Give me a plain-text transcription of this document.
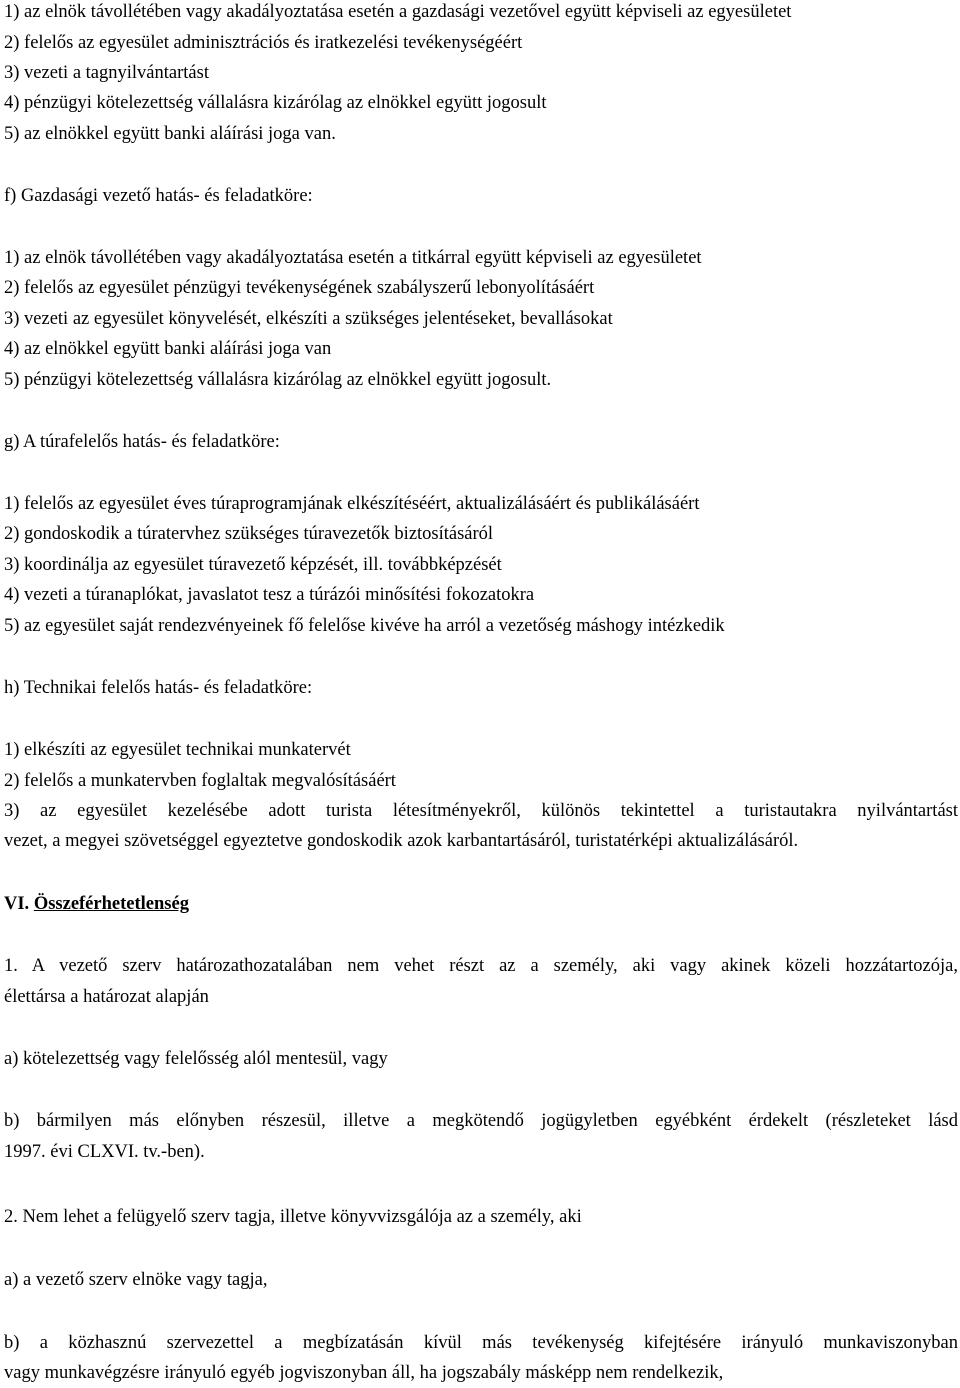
1) az elnök távollétében vagy akadályoztatása esetén a gazdasági vezetővel együtt képviseli az egyesületet
2) felelős az egyesület adminisztrációs és iratkezelési tevékenységéért
3) vezeti a tagnyilvántartást
4) pénzügyi kötelezettség vállalásra kizárólag az elnökkel együtt jogosult
5) az elnökkel együtt banki aláírási joga van.
f) Gazdasági vezető hatás- és feladatköre:
1) az elnök távollétében vagy akadályoztatása esetén a titkárral együtt képviseli az egyesületet
2) felelős az egyesület pénzügyi tevékenységének szabályszerű lebonyolításáért
3) vezeti az egyesület könyvelését, elkészíti a szükséges jelentéseket, bevallásokat
4) az elnökkel együtt banki aláírási joga van
5) pénzügyi kötelezettség vállalásra kizárólag az elnökkel együtt jogosult.
g) A túrafelelős hatás- és feladatköre:
1) felelős az egyesület éves túraprogramjának elkészítéséért, aktualizálásáért és publikálásáért
2) gondoskodik a túratervhez szükséges túravezetők biztosításáról
3) koordinálja az egyesület túravezető képzését, ill. továbbképzését
4) vezeti a túranaplókat, javaslatot tesz a túrázói minősítési fokozatokra
5) az egyesület saját rendezvényeinek fő felelőse kivéve ha arról a vezetőség máshogy intézkedik
h) Technikai felelős hatás- és feladatköre:
1) elkészíti az egyesület technikai munkatervét
2) felelős a munkatervben foglaltak megvalósításáért
3) az egyesület kezelésébe adott turista létesítményekről, különös tekintettel a turistautakra nyilvántartást
vezet, a megyei szövetséggel egyeztetve gondoskodik azok karbantartásáról, turistatérképi aktualizálásáról.
VI. Összeférhetetlenség
1. A vezető szerv határozathozatalában nem vehet részt az a személy, aki vagy akinek közeli hozzátartozója,
élettársa a határozat alapján
a) kötelezettség vagy felelősség alól mentesül, vagy
b) bármilyen más előnyben részesül, illetve a megkötendő jogügyletben egyébként érdekelt (részleteket lásd
1997. évi CLXVI. tv.-ben).
2. Nem lehet a felügyelő szerv tagja, illetve könyvvizsgálója az a személy, aki
a) a vezető szerv elnöke vagy tagja,
b) a közhasznú szervezettel a megbízatásán kívül más tevékenység kifejtésére irányuló munkaviszonyban
vagy munkavégzésre irányuló egyéb jogviszonyban áll, ha jogszabály másképp nem rendelkezik,
